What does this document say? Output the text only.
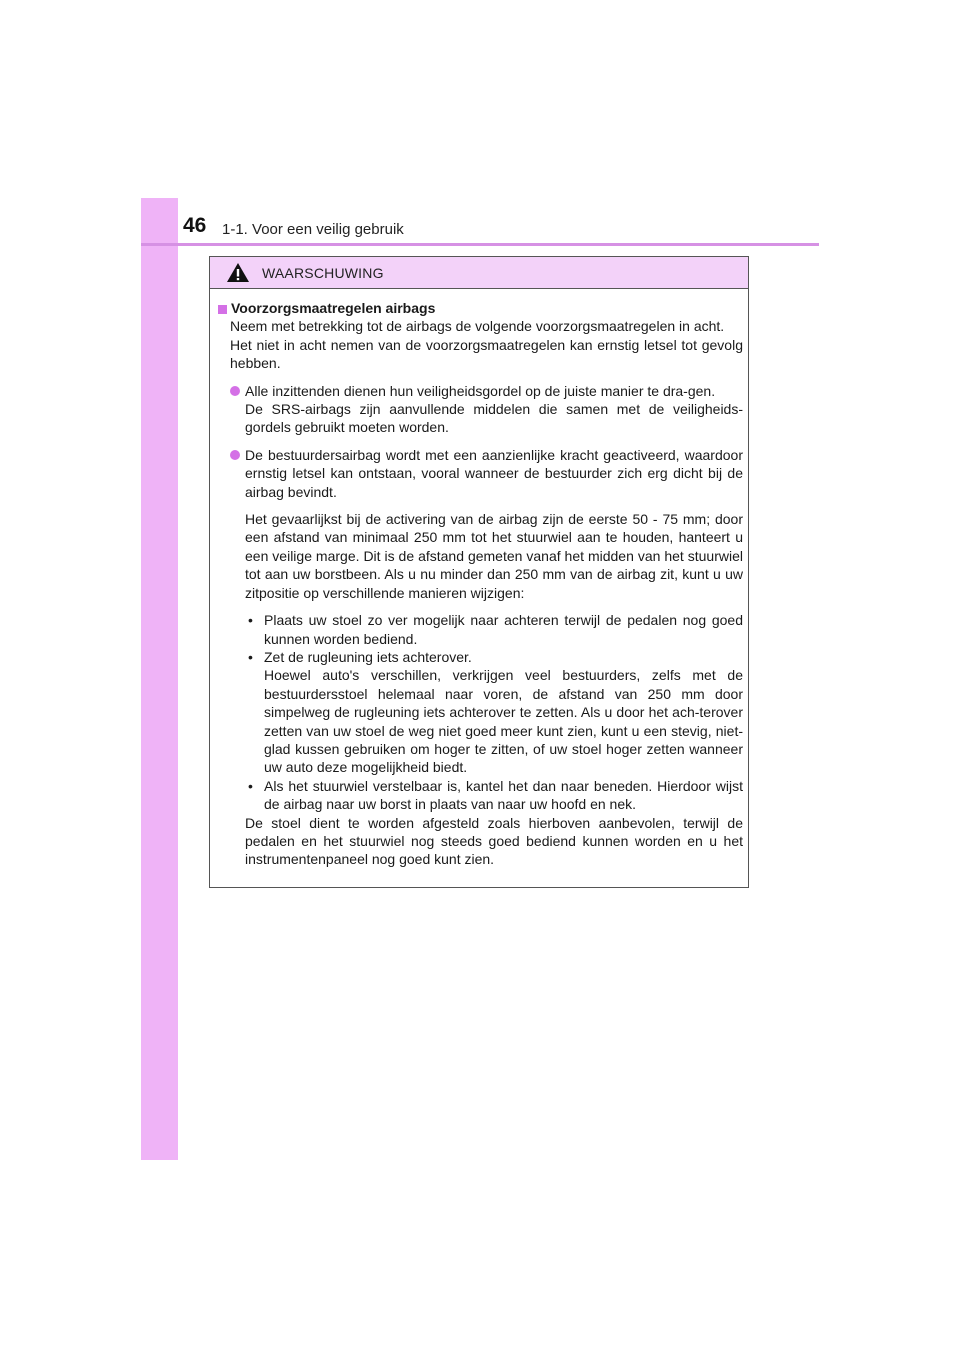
46 1-1. Voor een veilig gebruik
WAARSCHUWING
Voorzorgsmaatregelen airbags

Neem met betrekking tot de airbags de volgende voorzorgsmaatregelen in acht.

Het niet in acht nemen van de voorzorgsmaatregelen kan ernstig letsel tot gevolg hebben.

Alle inzittenden dienen hun veiligheidsgordel op de juiste manier te dra-gen.

De SRS-airbags zijn aanvullende middelen die samen met de veiligheids-gordels gebruikt moeten worden.

De bestuurdersairbag wordt met een aanzienlijke kracht geactiveerd, waardoor ernstig letsel kan ontstaan, vooral wanneer de bestuurder zich erg dicht bij de airbag bevindt.

Het gevaarlijkst bij de activering van de airbag zijn de eerste 50 - 75 mm; door een afstand van minimaal 250 mm tot het stuurwiel aan te houden, hanteert u een veilige marge. Dit is de afstand gemeten vanaf het midden van het stuurwiel tot aan uw borstbeen. Als u nu minder dan 250 mm van de airbag zit, kunt u uw zitpositie op verschillende manieren wijzigen:

• Plaats uw stoel zo ver mogelijk naar achteren terwijl de pedalen nog goed kunnen worden bediend.

• Zet de rugleuning iets achterover.

Hoewel auto's verschillen, verkrijgen veel bestuurders, zelfs met de bestuurdersstoel helemaal naar voren, de afstand van 250 mm door simpelweg de rugleuning iets achterover te zetten. Als u door het ach-terover zetten van uw stoel de weg niet goed meer kunt zien, kunt u een stevig, niet-glad kussen gebruiken om hoger te zitten, of uw stoel hoger zetten wanneer uw auto deze mogelijkheid biedt.

• Als het stuurwiel verstelbaar is, kantel het dan naar beneden. Hierdoor wijst de airbag naar uw borst in plaats van naar uw hoofd en nek.

De stoel dient te worden afgesteld zoals hierboven aanbevolen, terwijl de pedalen en het stuurwiel nog steeds goed bediend kunnen worden en u het instrumentenpaneel nog goed kunt zien.
